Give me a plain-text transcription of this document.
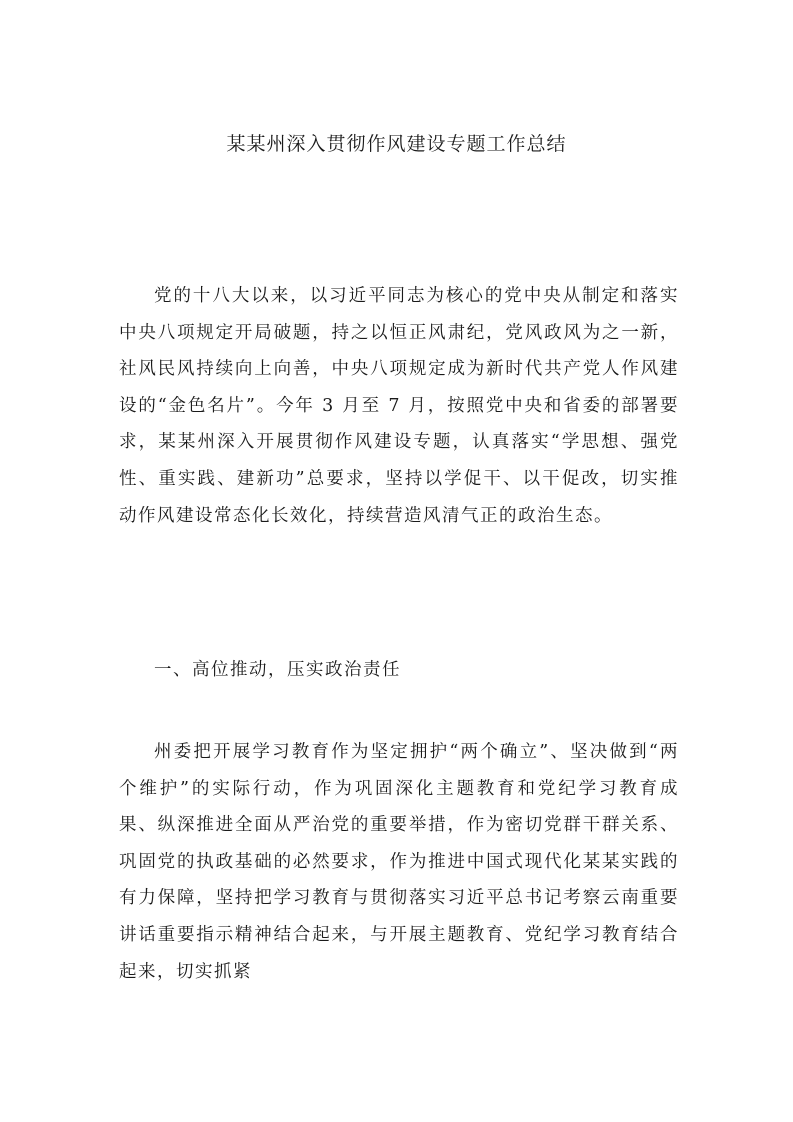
某某州深入贯彻作风建设专题工作总结

党的十八大以来，以习近平同志为核心的党中央从制定和落实中央八项规定开局破题，持之以恒正风肃纪，党风政风为之一新，社风民风持续向上向善，中央八项规定成为新时代共产党人作风建设的“金色名片”。今年 3 月至 7 月，按照党中央和省委的部署要求，某某州深入开展贯彻作风建设专题，认真落实“学思想、强党性、重实践、建新功”总要求，坚持以学促干、以干促改，切实推动作风建设常态化长效化，持续营造风清气正的政治生态。

一、高位推动，压实政治责任

州委把开展学习教育作为坚定拥护“两个确立”、坚决做到“两个维护”的实际行动，作为巩固深化主题教育和党纪学习教育成果、纵深推进全面从严治党的重要举措，作为密切党群干群关系、巩固党的执政基础的必然要求，作为推进中国式现代化某某实践的有力保障，坚持把学习教育与贯彻落实习近平总书记考察云南重要讲话重要指示精神结合起来，与开展主题教育、党纪学习教育结合起来，切实抓紧
